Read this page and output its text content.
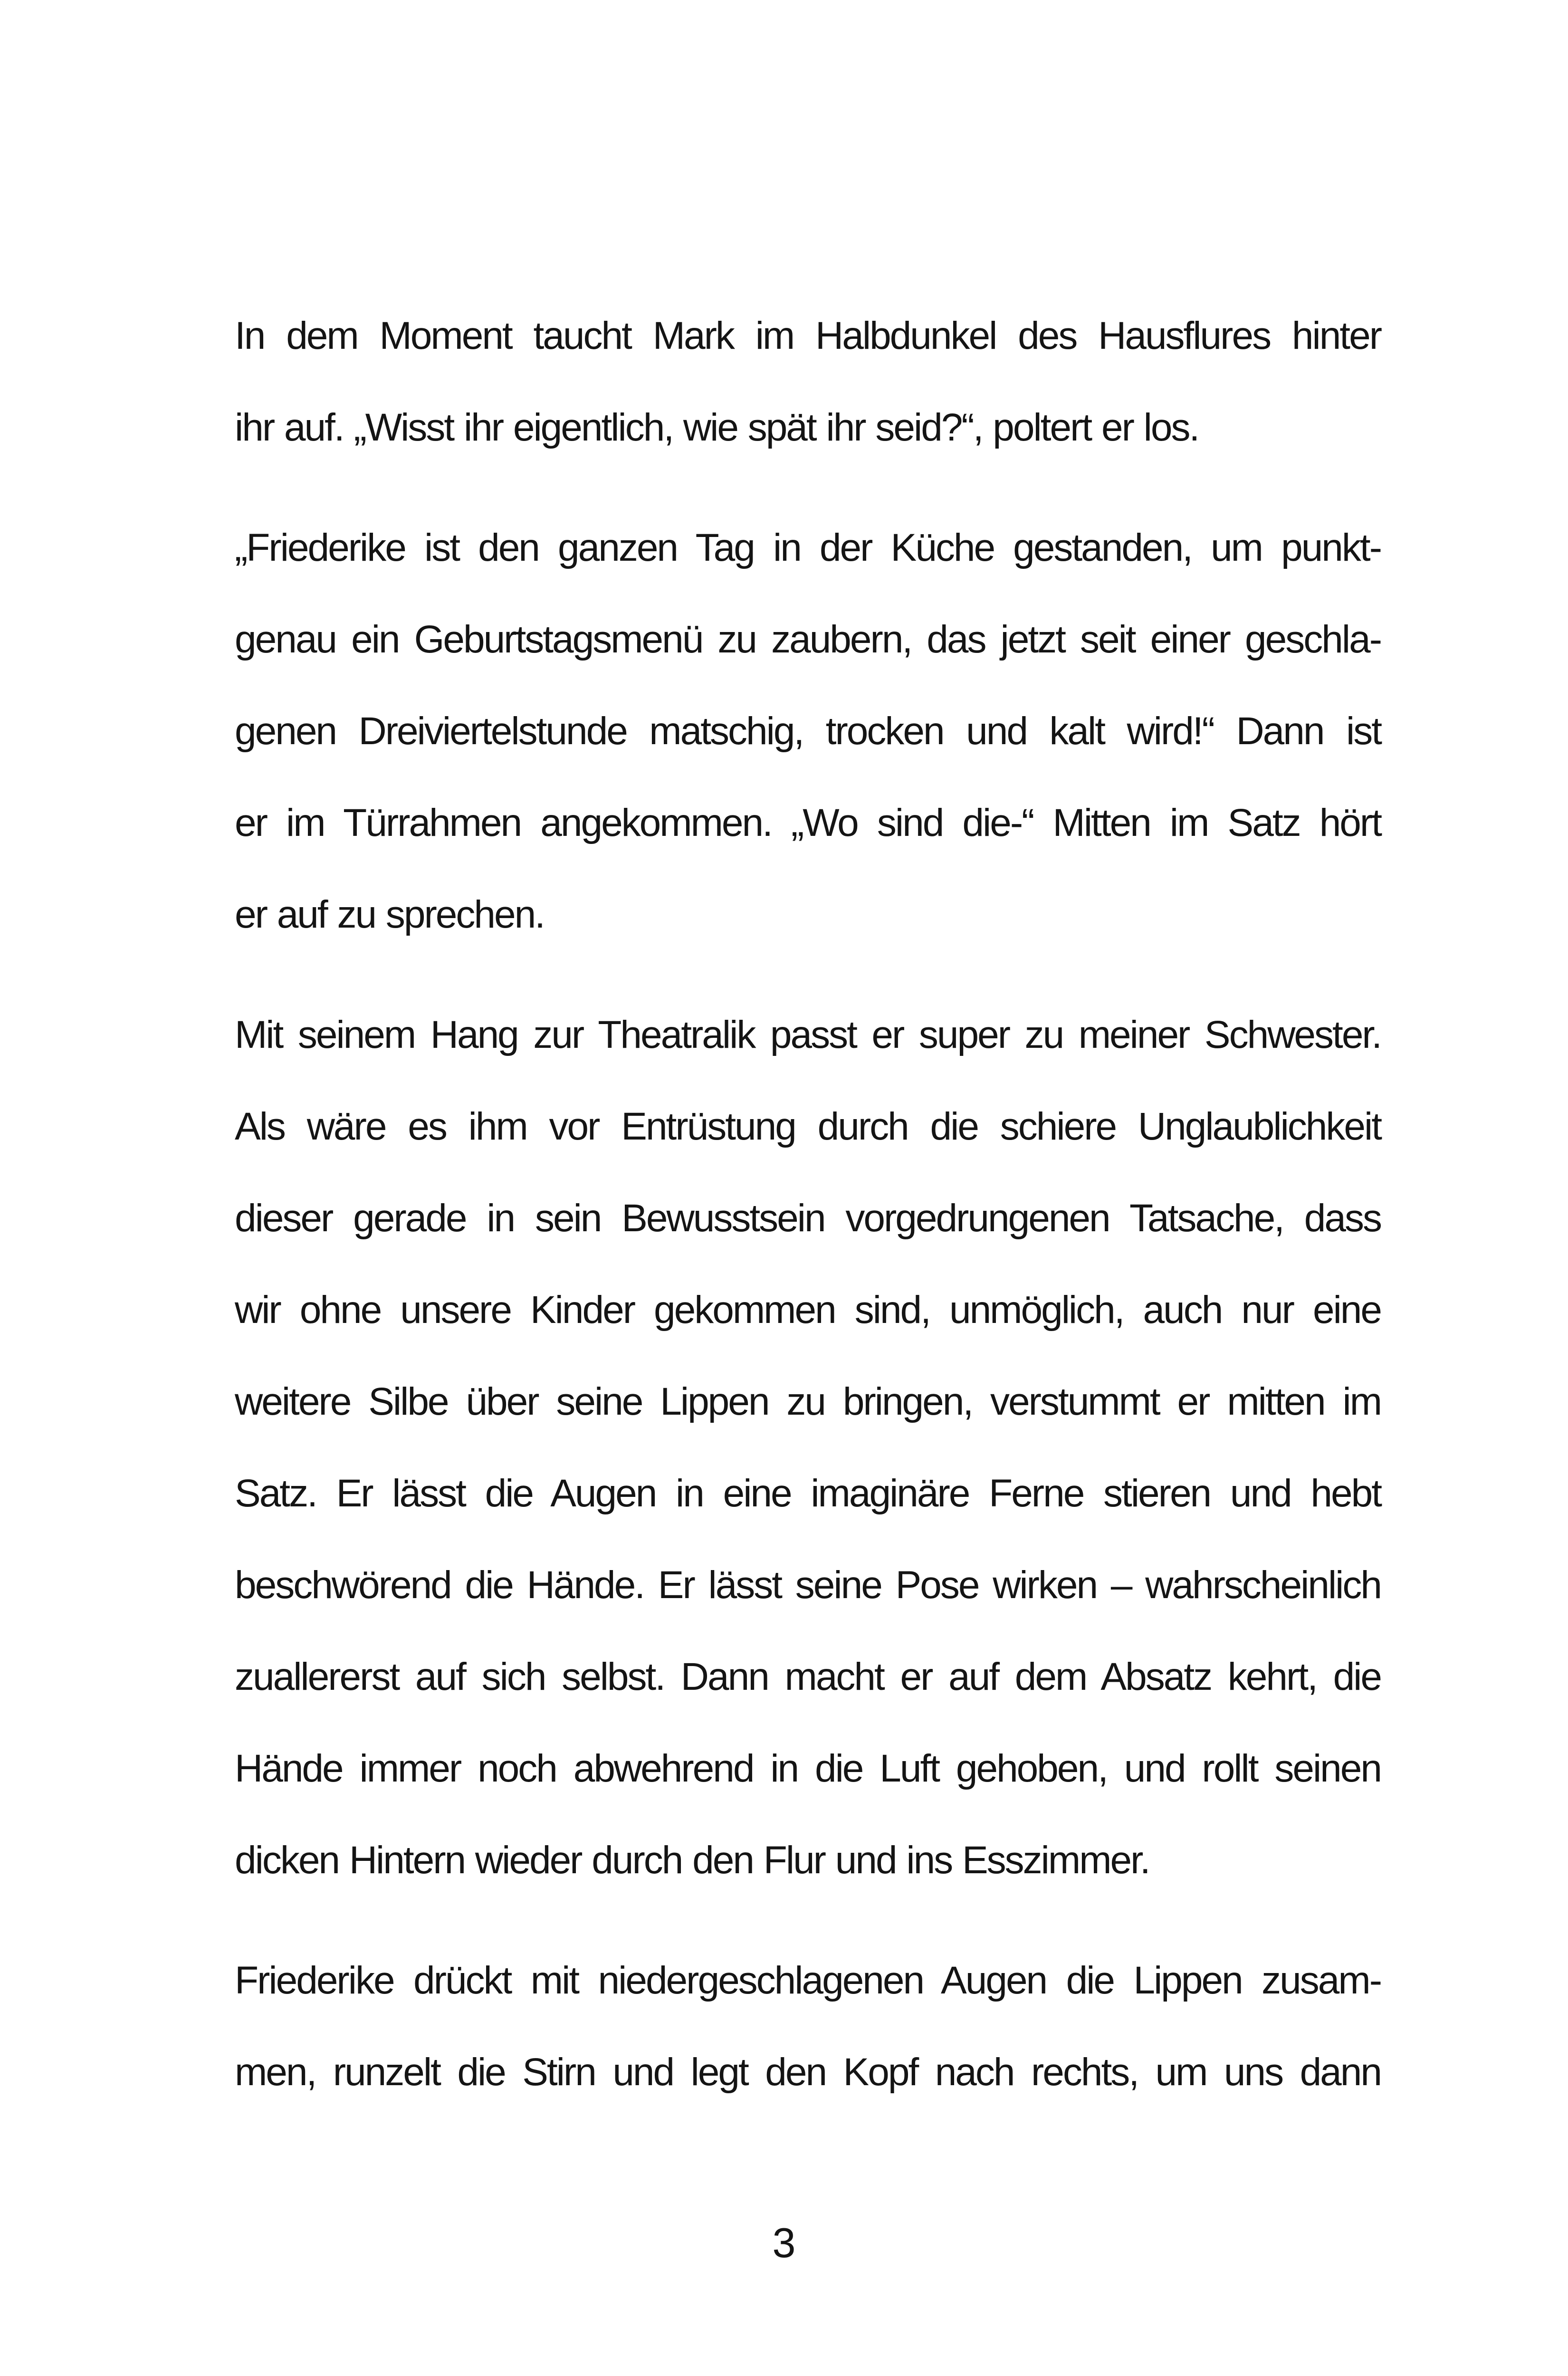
In dem Moment taucht Mark im Halbdunkel des Hausflures hinter
ihr auf. „Wisst ihr eigentlich, wie spät ihr seid?“, poltert er los.
„Friederike ist den ganzen Tag in der Küche gestanden, um punkt-
genau ein Geburtstagsmenü zu zaubern, das jetzt seit einer geschla-
genen Dreiviertelstunde matschig, trocken und kalt wird!“ Dann ist
er im Türrahmen angekommen. „Wo sind die-“ Mitten im Satz hört
er auf zu sprechen.
Mit seinem Hang zur Theatralik passt er super zu meiner Schwester.
Als wäre es ihm vor Entrüstung durch die schiere Unglaublichkeit
dieser gerade in sein Bewusstsein vorgedrungenen Tatsache, dass
wir ohne unsere Kinder gekommen sind, unmöglich, auch nur eine
weitere Silbe über seine Lippen zu bringen, verstummt er mitten im
Satz. Er lässt die Augen in eine imaginäre Ferne stieren und hebt
beschwörend die Hände. Er lässt seine Pose wirken – wahrscheinlich
zuallererst auf sich selbst. Dann macht er auf dem Absatz kehrt, die
Hände immer noch abwehrend in die Luft gehoben, und rollt seinen
dicken Hintern wieder durch den Flur und ins Esszimmer.
Friederike drückt mit niedergeschlagenen Augen die Lippen zusam-
men, runzelt die Stirn und legt den Kopf nach rechts, um uns dann
3
